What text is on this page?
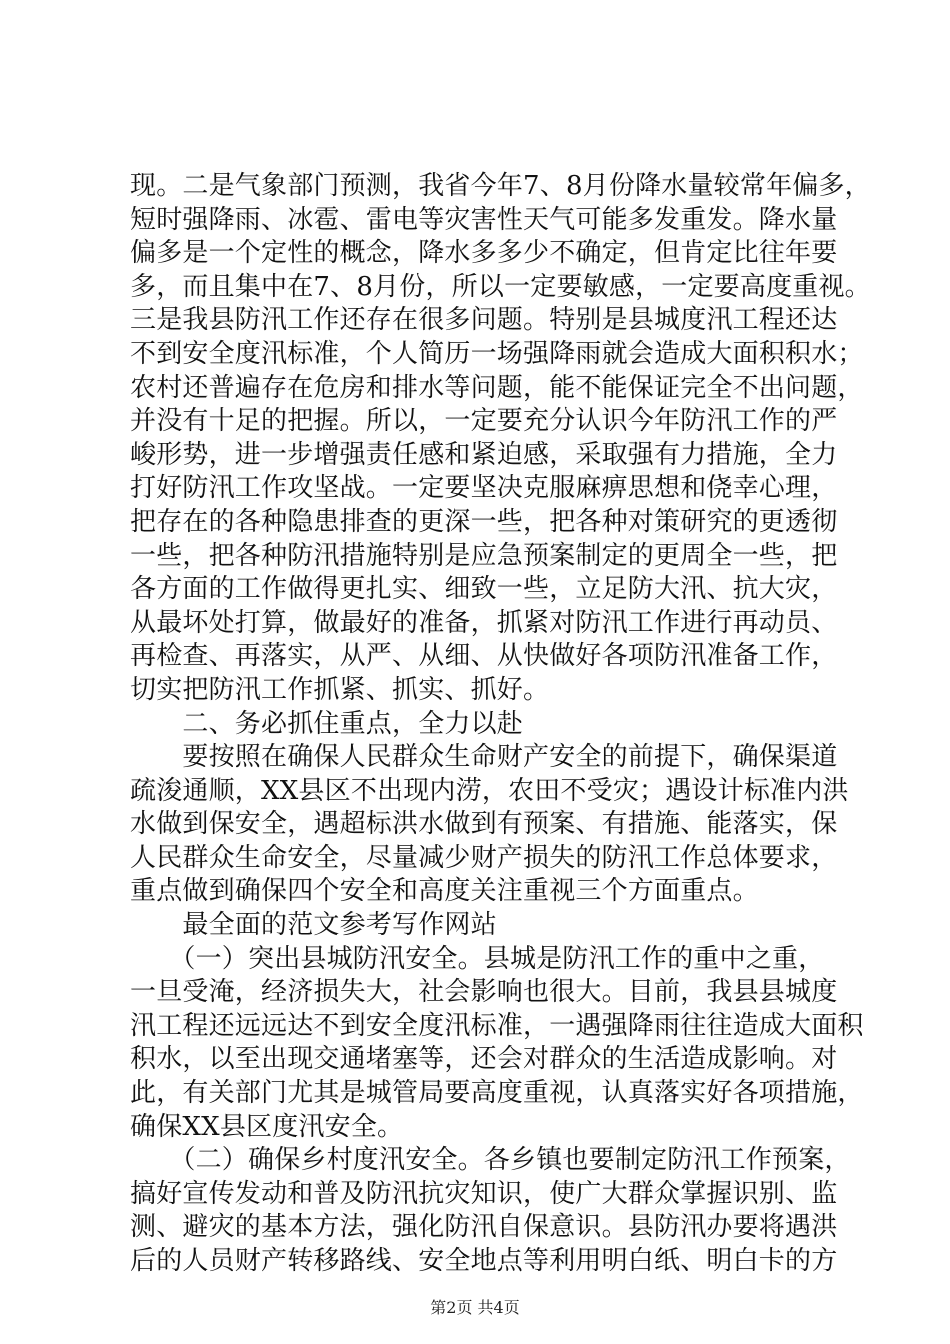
现。二是气象部门预测，我省今年7、8月份降水量较常年偏多，
短时强降雨、冰雹、雷电等灾害性天气可能多发重发。降水量
偏多是一个定性的概念，降水多多少不确定，但肯定比往年要
多，而且集中在7、8月份，所以一定要敏感，一定要高度重视。
三是我县防汛工作还存在很多问题。特别是县城度汛工程还达
不到安全度汛标准，个人简历一场强降雨就会造成大面积积水；
农村还普遍存在危房和排水等问题，能不能保证完全不出问题，
并没有十足的把握。所以，一定要充分认识今年防汛工作的严
峻形势，进一步增强责任感和紧迫感，采取强有力措施，全力
打好防汛工作攻坚战。一定要坚决克服麻痹思想和侥幸心理，
把存在的各种隐患排查的更深一些，把各种对策研究的更透彻
一些，把各种防汛措施特别是应急预案制定的更周全一些，把
各方面的工作做得更扎实、细致一些，立足防大汛、抗大灾，
从最坏处打算，做最好的准备，抓紧对防汛工作进行再动员、
再检查、再落实，从严、从细、从快做好各项防汛准备工作，
切实把防汛工作抓紧、抓实、抓好。
　　二、务必抓住重点，全力以赴
　　要按照在确保人民群众生命财产安全的前提下，确保渠道
疏浚通顺，XX县区不出现内涝，农田不受灾；遇设计标准内洪
水做到保安全，遇超标洪水做到有预案、有措施、能落实，保
人民群众生命安全，尽量减少财产损失的防汛工作总体要求，
重点做到确保四个安全和高度关注重视三个方面重点。
　　最全面的范文参考写作网站
　　（一）突出县城防汛安全。县城是防汛工作的重中之重，
一旦受淹，经济损失大，社会影响也很大。目前，我县县城度
汛工程还远远达不到安全度汛标准，一遇强降雨往往造成大面积
积水，以至出现交通堵塞等，还会对群众的生活造成影响。对
此，有关部门尤其是城管局要高度重视，认真落实好各项措施，
确保XX县区度汛安全。
　　（二）确保乡村度汛安全。各乡镇也要制定防汛工作预案，
搞好宣传发动和普及防汛抗灾知识，使广大群众掌握识别、监
测、避灾的基本方法，强化防汛自保意识。县防汛办要将遇洪
后的人员财产转移路线、安全地点等利用明白纸、明白卡的方
第2页 共4页
